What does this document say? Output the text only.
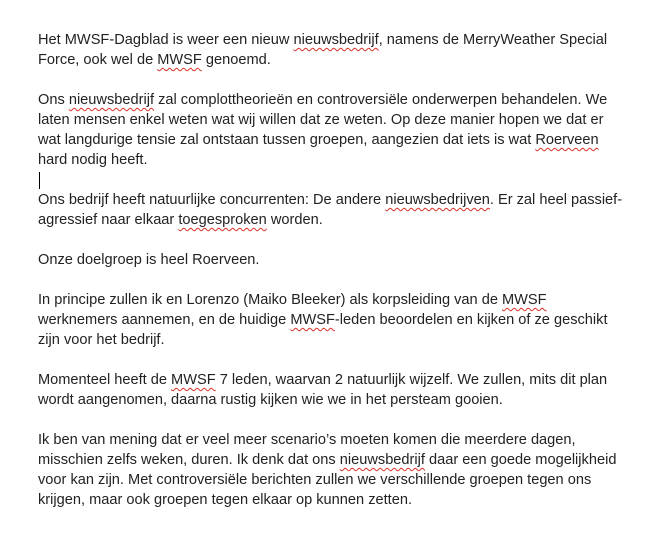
Het MWSF-Dagblad is weer een nieuw nieuwsbedrijf, namens de MerryWeather Special Force, ook wel de MWSF genoemd.

Ons nieuwsbedrijf zal complottheorieën en controversiële onderwerpen behandelen. We laten mensen enkel weten wat wij willen dat ze weten. Op deze manier hopen we dat er wat langdurige tensie zal ontstaan tussen groepen, aangezien dat iets is wat Roerveen hard nodig heeft.

Ons bedrijf heeft natuurlijke concurrenten: De andere nieuwsbedrijven. Er zal heel passief-agressief naar elkaar toegesproken worden.

Onze doelgroep is heel Roerveen.

In principe zullen ik en Lorenzo (Maiko Bleeker) als korpsleiding van de MWSF werknemers aannemen, en de huidige MWSF-leden beoordelen en kijken of ze geschikt zijn voor het bedrijf.

Momenteel heeft de MWSF 7 leden, waarvan 2 natuurlijk wijzelf. We zullen, mits dit plan wordt aangenomen, daarna rustig kijken wie we in het persteam gooien.

Ik ben van mening dat er veel meer scenario’s moeten komen die meerdere dagen, misschien zelfs weken, duren. Ik denk dat ons nieuwsbedrijf daar een goede mogelijkheid voor kan zijn. Met controversiële berichten zullen we verschillende groepen tegen ons krijgen, maar ook groepen tegen elkaar op kunnen zetten.
